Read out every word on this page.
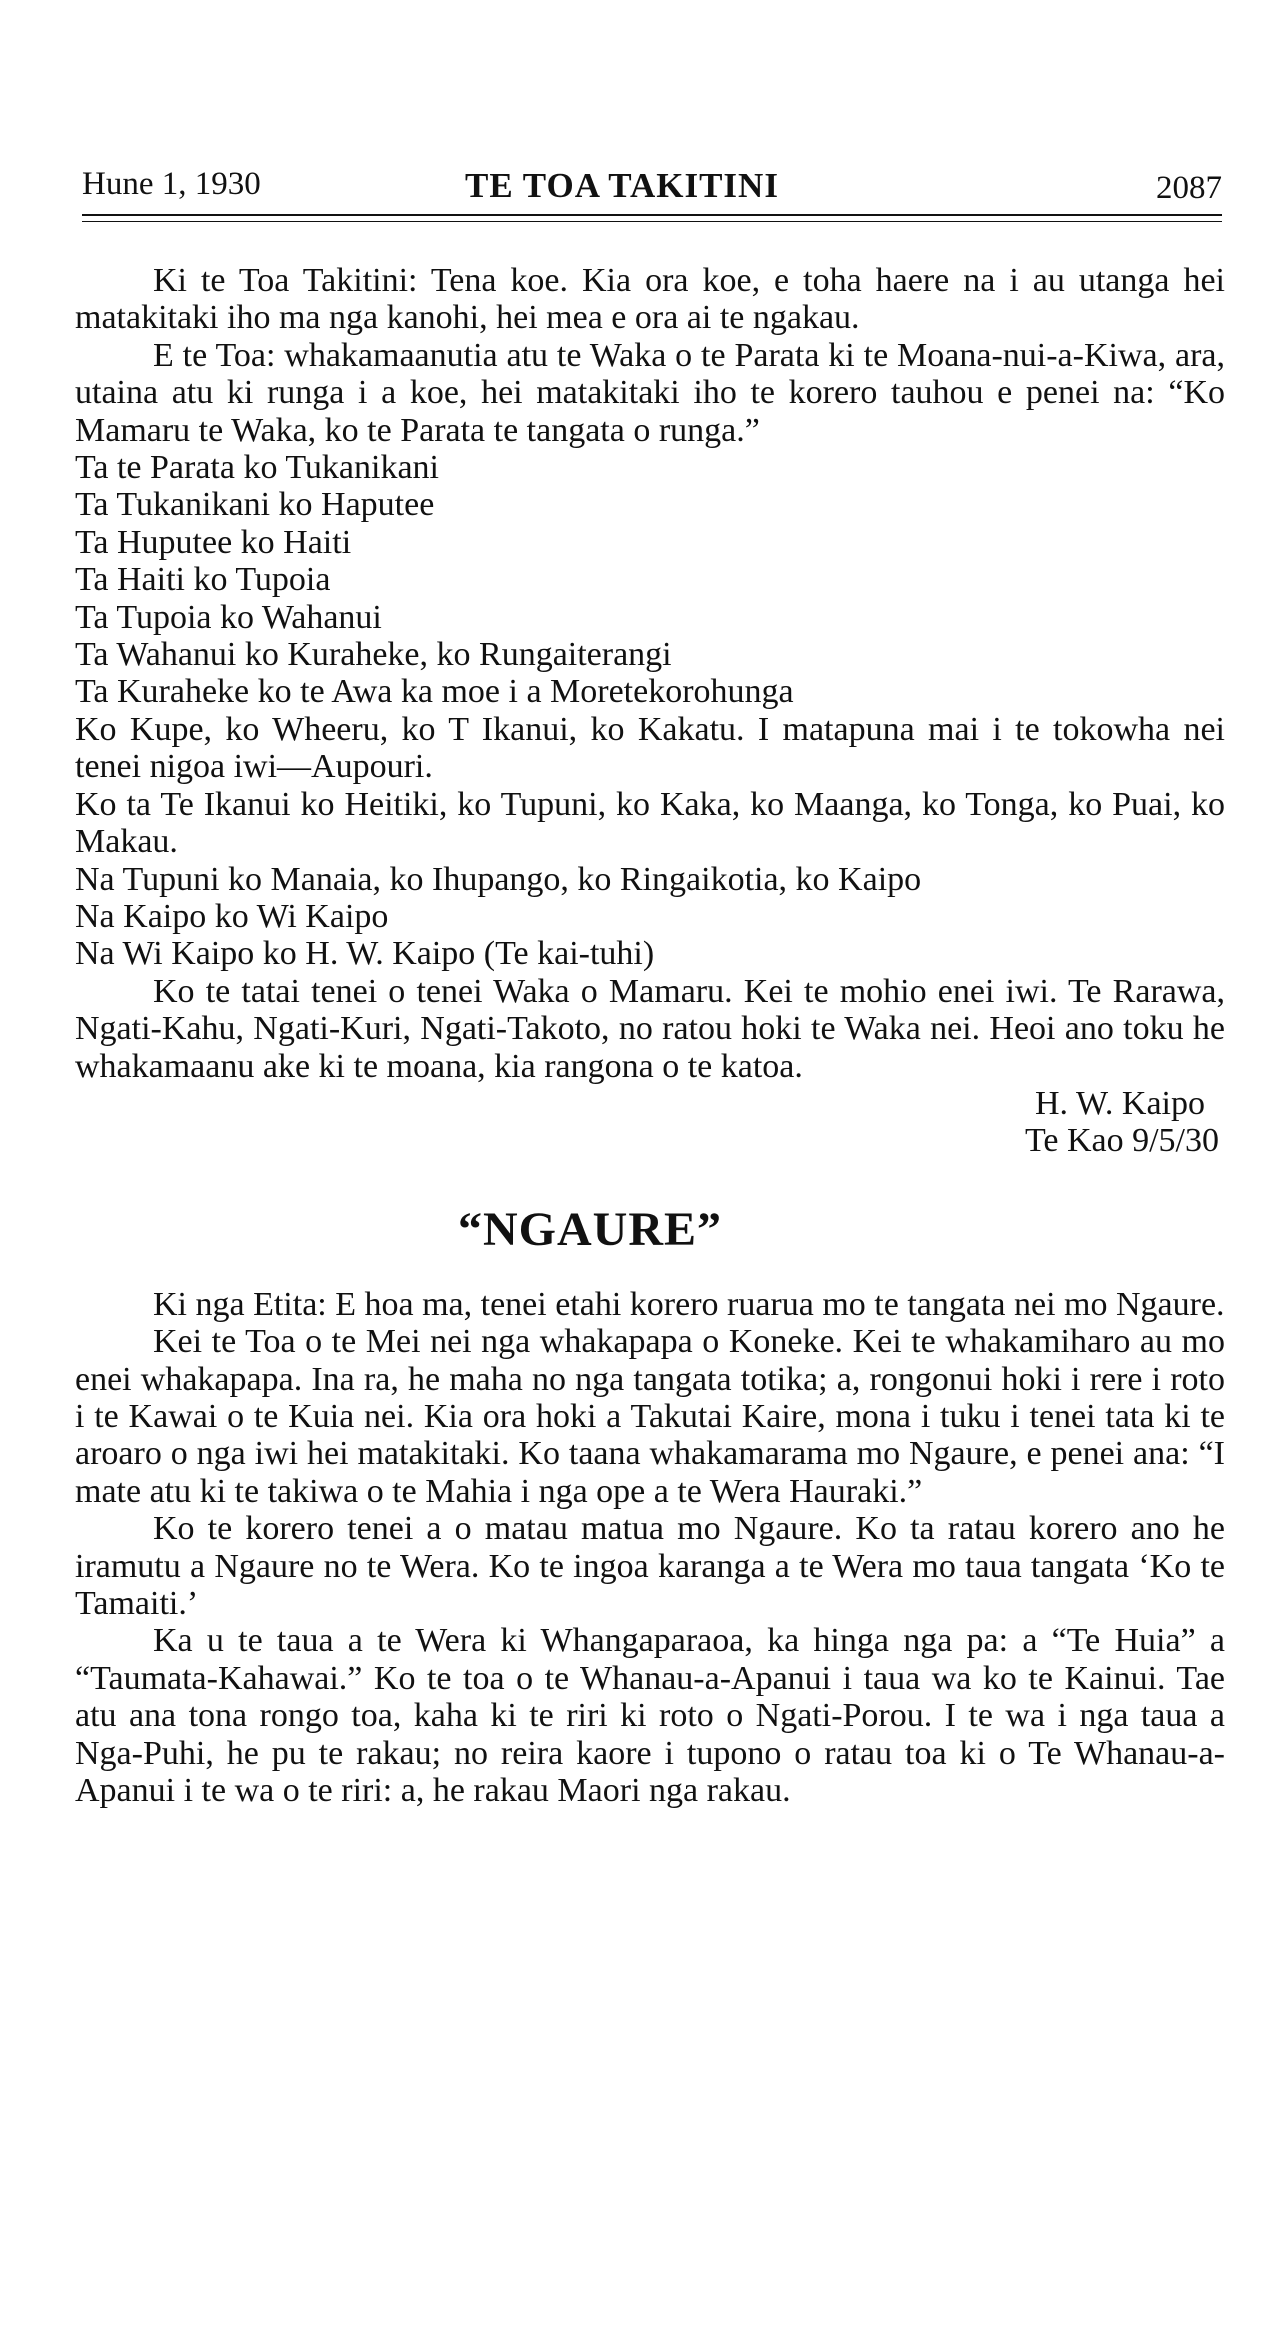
Hune 1, 1930	TE TOA TAKITINI	2087

Ki te Toa Takitini: Tena koe. Kia ora koe, e toha haere na i au utanga hei matakitaki iho ma nga kanohi, hei mea e ora ai te ngakau.

E te Toa: whakamaanutia atu te Waka o te Parata ki te Moana-nui-a-Kiwa, ara, utaina atu ki runga i a koe, hei matakitaki iho te korero tauhou e penei na: “Ko Mamaru te Waka, ko te Parata te tangata o runga.”

Ta te Parata ko Tukanikani

Ta Tukanikani ko Haputee

Ta Huputee ko Haiti

Ta Haiti ko Tupoia

Ta Tupoia ko Wahanui

Ta Wahanui ko Kuraheke, ko Rungaiterangi

Ta Kuraheke ko te Awa ka moe i a Moretekorohunga

Ko Kupe, ko Wheeru, ko T Ikanui, ko Kakatu. I matapuna mai i te tokowha nei tenei nigoa iwi—Aupouri.

Ko ta Te Ikanui ko Heitiki, ko Tupuni, ko Kaka, ko Maanga, ko Tonga, ko Puai, ko Makau.

Na Tupuni ko Manaia, ko Ihupango, ko Ringaikotia, ko Kaipo

Na Kaipo ko Wi Kaipo

Na Wi Kaipo ko H. W. Kaipo (Te kai-tuhi)

Ko te tatai tenei o tenei Waka o Mamaru. Kei te mohio enei iwi. Te Rarawa, Ngati-Kahu, Ngati-Kuri, Ngati-Takoto, no ratou hoki te Waka nei. Heoi ano toku he whakamaanu ake ki te moana, kia rangona o te katoa.

H. W. Kaipo

Te Kao 9/5/30

“NGAURE”

Ki nga Etita: E hoa ma, tenei etahi korero ruarua mo te tangata nei mo Ngaure.

Kei te Toa o te Mei nei nga whakapapa o Koneke. Kei te whakamiharo au mo enei whakapapa. Ina ra, he maha no nga tangata totika; a, rongonui hoki i rere i roto i te Kawai o te Kuia nei. Kia ora hoki a Takutai Kaire, mona i tuku i tenei tata ki te aroaro o nga iwi hei matakitaki. Ko taana whakamarama mo Ngaure, e penei ana: “I mate atu ki te takiwa o te Mahia i nga ope a te Wera Hauraki.”

Ko te korero tenei a o matau matua mo Ngaure. Ko ta ratau korero ano he iramutu a Ngaure no te Wera. Ko te ingoa karanga a te Wera mo taua tangata ‘Ko te Tamaiti.’

Ka u te taua a te Wera ki Whangaparaoa, ka hinga nga pa: a “Te Huia” a “Taumata-Kahawai.” Ko te toa o te Whanau-a-Apanui i taua wa ko te Kainui. Tae atu ana tona rongo toa, kaha ki te riri ki roto o Ngati-Porou. I te wa i nga taua a Nga-Puhi, he pu te rakau; no reira kaore i tupono o ratau toa ki o Te Whanau-a-Apanui i te wa o te riri: a, he rakau Maori nga rakau.
